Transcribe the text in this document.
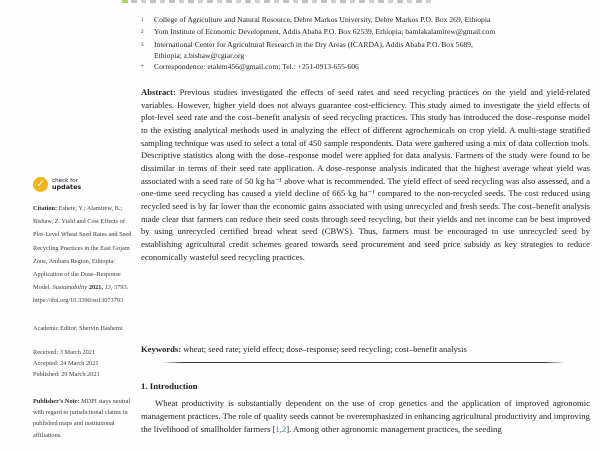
✓	check for
updates

Citation: Eshete, Y.; Alamirew, B.; Bishaw, Z. Yield and Cost Effects of Plot-Level Wheat Seed Rates and Seed Recycling Practices in the East Gojam Zone, Amhara Region, Ethiopia: Application of the Dose–Response Model. Sustainability 2021, 13, 3793. https://doi.org/10.3390/su13073793

Academic Editor: Shervin Hashemi

Received: 3 March 2021

Accepted: 24 March 2021

Published: 29 March 2021

Publisher’s Note: MDPI stays neutral with regard to jurisdictional claims in published maps and institutional affiliations.

1	College of Agriculture and Natural Resource, Debre Markos University, Debre Markos P.O. Box 269, Ethiopia
2	Yom Institute of Economic Development, Addis Ababa P.O. Box 62539, Ethiopia; bamlakalamirew@gmail.com
3	International Center for Agricultural Research in the Dry Areas (ICARDA), Addis Ababa P.O. Box 5689,
Ethiopia; z.bishaw@cgiar.org
*	Correspondence: etalem456@gmail.com; Tel.: +251-0913-655-606

Abstract: Previous studies investigated the effects of seed rates and seed recycling practices on the yield and yield-related variables. However, higher yield does not always guarantee cost-efficiency. This study aimed to investigate the yield effects of plot-level seed rate and the cost–benefit analysis of seed recycling practices. This study has introduced the dose–response model to the existing analytical methods used in analyzing the effect of different agrochemicals on crop yield. A multi-stage stratified sampling technique was used to select a total of 450 sample respondents. Data were gathered using a mix of data collection tools. Descriptive statistics along with the dose–response model were applied for data analysis. Farmers of the study were found to be dissimilar in terms of their seed rate application. A dose–response analysis indicated that the highest average wheat yield was associated with a seed rate of 50 kg ha⁻¹ above what is recommended. The yield effect of seed recycling was also assessed, and a one-time seed recycling has caused a yield decline of 665 kg ha⁻¹ compared to the non-recycled seeds. The cost reduced using recycled seed is by far lower than the economic gains associated with using unrecycled and fresh seeds. The cost–benefit analysis made clear that farmers can reduce their seed costs through seed recycling, but their yields and net income can be best improved by using unrecycled certified bread wheat seed (CBWS). Thus, farmers must be encouraged to use unrecycled seed by establishing agricultural credit schemes geared towards seed procurement and seed price subsidy as key strategies to reduce economically wasteful seed recycling practices.

Keywords: wheat; seed rate; yield effect; dose–response; seed recycling; cost–benefit analysis

1. Introduction

Wheat productivity is substantially dependent on the use of crop genetics and the application of improved agronomic management practices. The role of quality seeds cannot be overemphasized in enhancing agricultural productivity and improving the livelihood of smallholder farmers [1,2]. Among other agronomic management practices, the seeding
